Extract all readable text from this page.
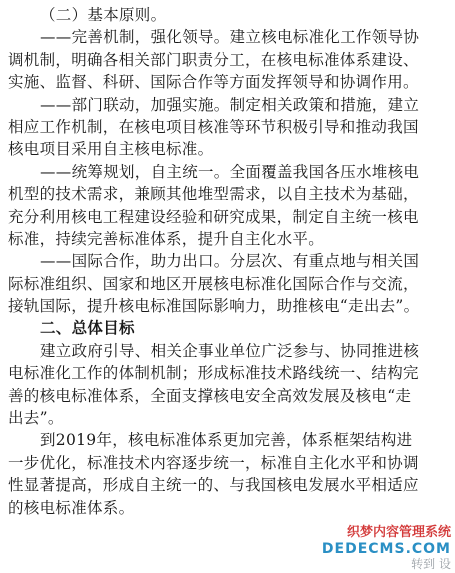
（二）基本原则。
——完善机制，强化领导。建立核电标准化工作领导协
调机制，明确各相关部门职责分工，在核电标准体系建设、
实施、监督、科研、国际合作等方面发挥领导和协调作用。
——部门联动，加强实施。制定相关政策和措施，建立
相应工作机制，在核电项目核准等环节积极引导和推动我国
核电项目采用自主核电标准。
——统筹规划，自主统一。全面覆盖我国各压水堆核电
机型的技术需求，兼顾其他堆型需求，以自主技术为基础，
充分利用核电工程建设经验和研究成果，制定自主统一核电
标准，持续完善标准体系，提升自主化水平。
——国际合作，助力出口。分层次、有重点地与相关国
际标准组织、国家和地区开展核电标准化国际合作与交流，
接轨国际，提升核电标准国际影响力，助推核电“走出去”。
二、总体目标
建立政府引导、相关企事业单位广泛参与、协同推进核
电标准化工作的体制机制；形成标准技术路线统一、结构完
善的核电标准体系，全面支撑核电安全高效发展及核电“走
出去”。
到2019年，核电标准体系更加完善，体系框架结构进
一步优化，标准技术内容逐步统一，标准自主化水平和协调
性显著提高，形成自主统一的、与我国核电发展水平相适应
的核电标准体系。
织梦内容管理系统
DEDECMS.COM
转到 设
